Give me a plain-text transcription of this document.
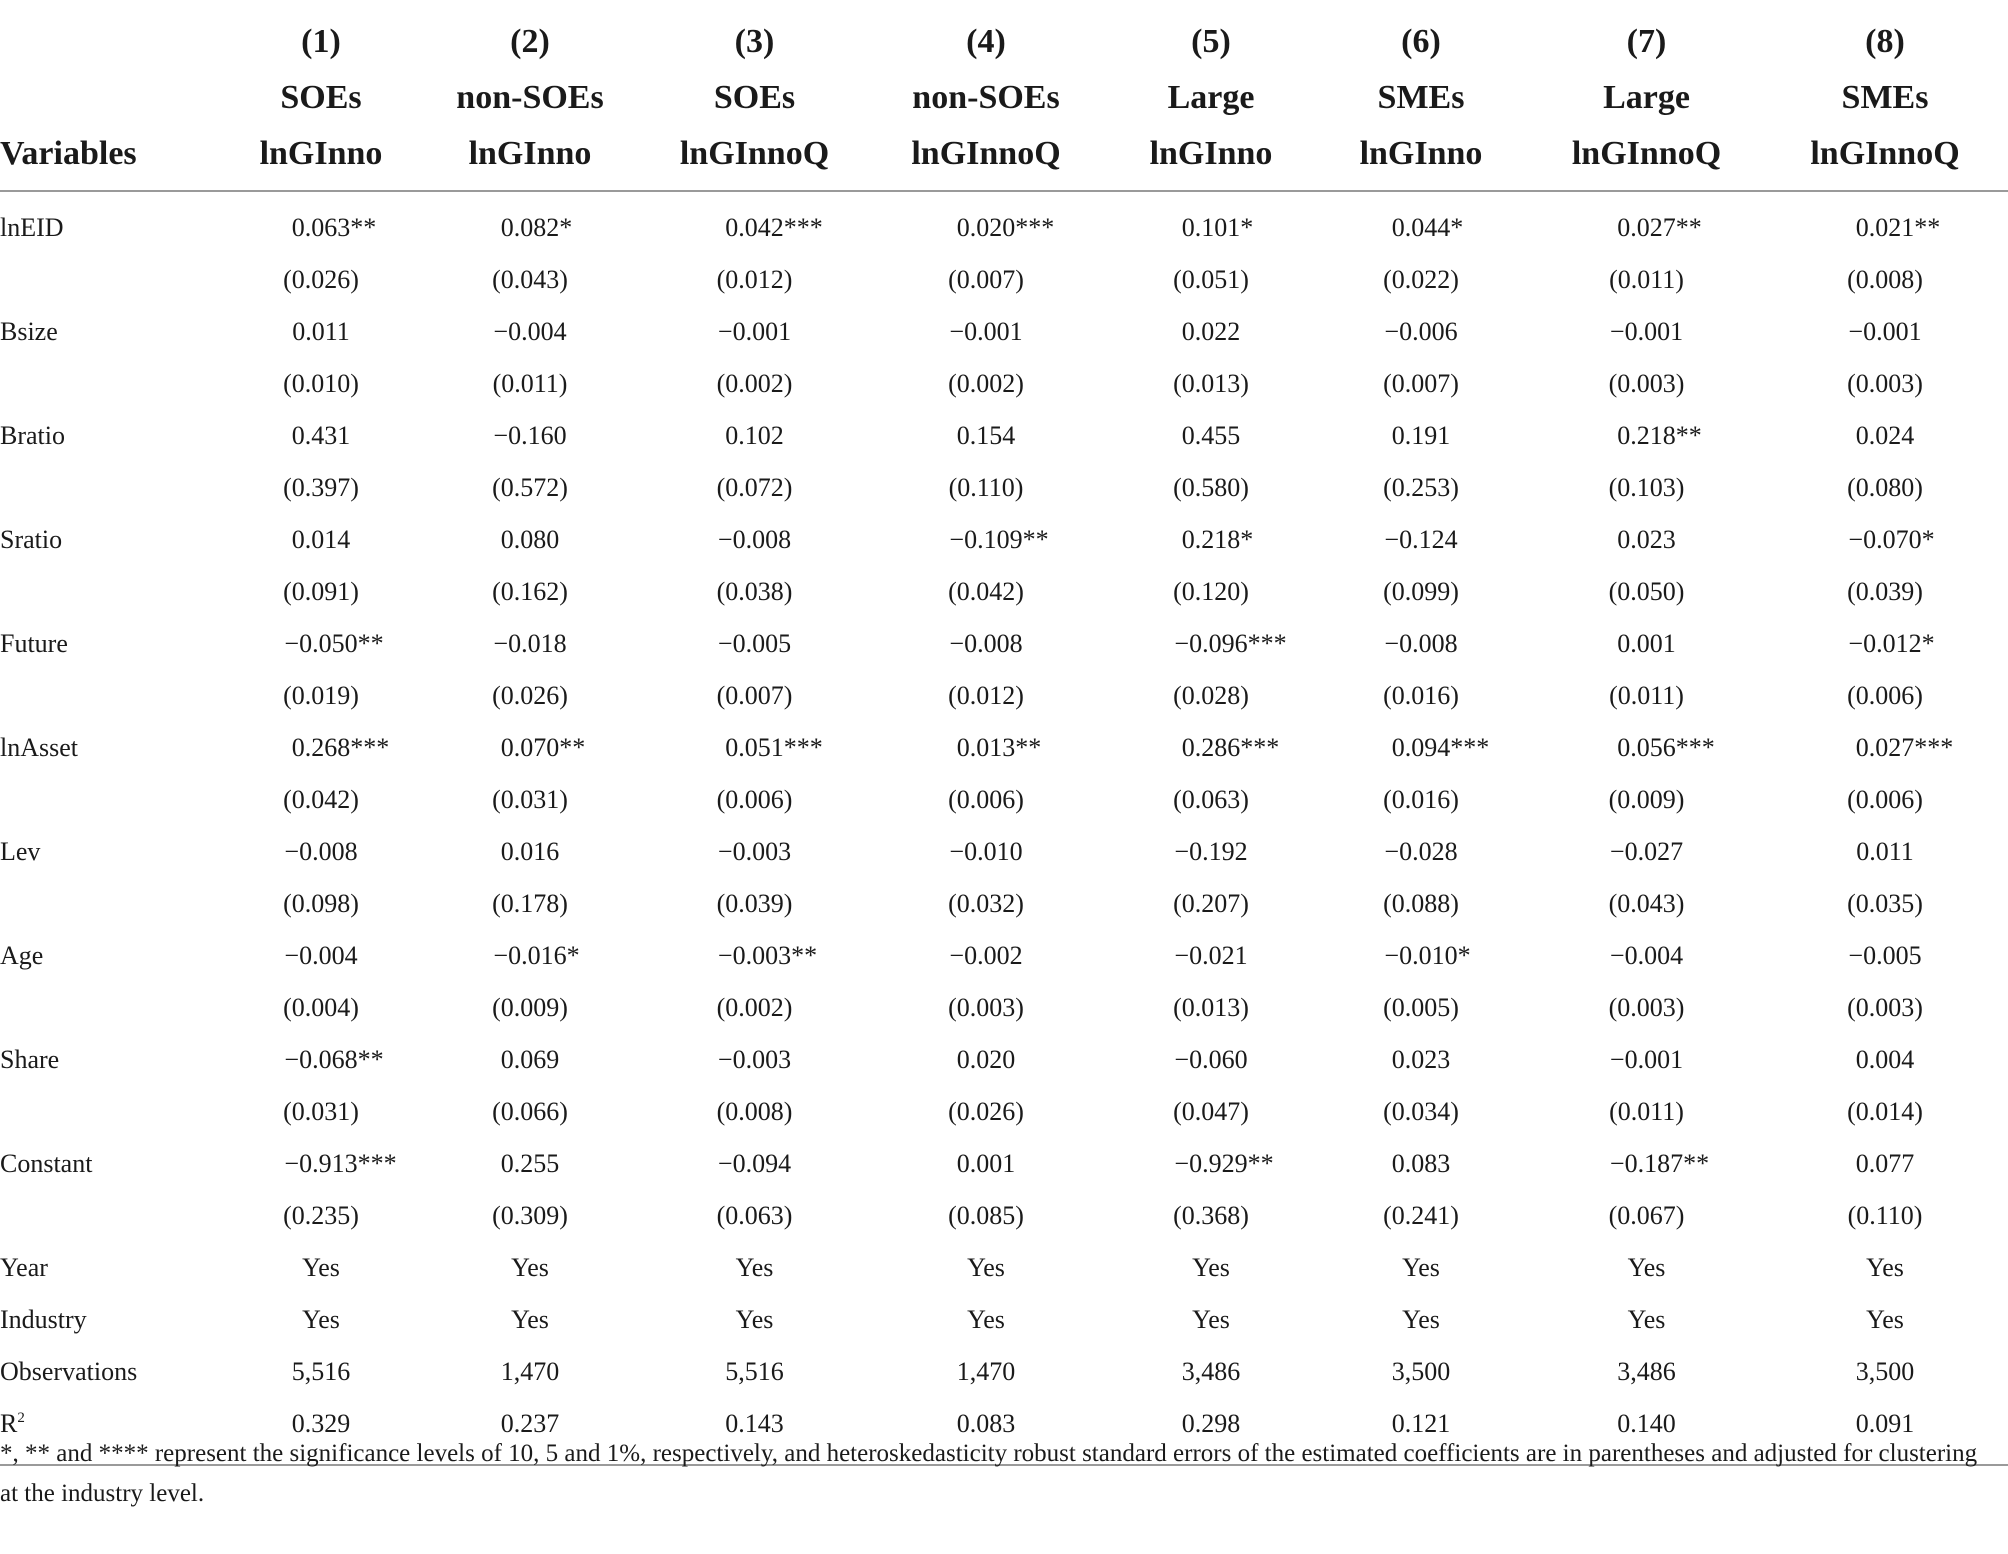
	(1)	(2)	(3)	(4)	(5)	(6)	(7)	(8)
	SOEs	non-SOEs	SOEs	non-SOEs	Large	SMEs	Large	SMEs
Variables	lnGInno	lnGInno	lnGInnoQ	lnGInnoQ	lnGInno	lnGInno	lnGInnoQ	lnGInnoQ
lnEID	0.063 **	0.082 *	0.042 ***	0.020 ***	0.101 *	0.044 *	0.027 **	0.021 **

	(0.026)	(0.043)	(0.012)	(0.007)	(0.051)	(0.022)	(0.011)	(0.008)
Bsize	0.011	−0.004	−0.001	−0.001	0.022	−0.006	−0.001	−0.001
	(0.010)	(0.011)	(0.002)	(0.002)	(0.013)	(0.007)	(0.003)	(0.003)
Bratio	0.431	−0.160	0.102	0.154	0.455	0.191	0.218 **	0.024
	(0.397)	(0.572)	(0.072)	(0.110)	(0.580)	(0.253)	(0.103)	(0.080)
Sratio	0.014	0.080	−0.008	−0.109 **	0.218 *	−0.124	0.023	−0.070 *

	(0.091)	(0.162)	(0.038)	(0.042)	(0.120)	(0.099)	(0.050)	(0.039)
Future	−0.050 **	−0.018	−0.005	−0.008	−0.096 ***	−0.008	0.001	−0.012 *

	(0.019)	(0.026)	(0.007)	(0.012)	(0.028)	(0.016)	(0.011)	(0.006)
lnAsset	0.268 ***	0.070 **	0.051 ***	0.013 **	0.286 ***	0.094 ***	0.056 ***	0.027 ***

	(0.042)	(0.031)	(0.006)	(0.006)	(0.063)	(0.016)	(0.009)	(0.006)
Lev	−0.008	0.016	−0.003	−0.010	−0.192	−0.028	−0.027	0.011
	(0.098)	(0.178)	(0.039)	(0.032)	(0.207)	(0.088)	(0.043)	(0.035)
Age	−0.004	−0.016 *	−0.003 **	−0.002	−0.021	−0.010 *	−0.004	−0.005
	(0.004)	(0.009)	(0.002)	(0.003)	(0.013)	(0.005)	(0.003)	(0.003)
Share	−0.068 **	0.069	−0.003	0.020	−0.060	0.023	−0.001	0.004
	(0.031)	(0.066)	(0.008)	(0.026)	(0.047)	(0.034)	(0.011)	(0.014)
Constant	−0.913 ***	0.255	−0.094	0.001	−0.929 **	0.083	−0.187 **	0.077
	(0.235)	(0.309)	(0.063)	(0.085)	(0.368)	(0.241)	(0.067)	(0.110)
Year	Yes	Yes	Yes	Yes	Yes	Yes	Yes	Yes
Industry	Yes	Yes	Yes	Yes	Yes	Yes	Yes	Yes
Observations	5,516	1,470	5,516	1,470	3,486	3,500	3,486	3,500
$R^2$	0.329	0.237	0.143	0.083	0.298	0.121	0.140	0.091

*, ** and **** represent the significance levels of 10, 5 and 1%, respectively, and heteroskedasticity robust standard errors of the estimated coefficients are in parentheses and adjusted for clustering at the industry level.
